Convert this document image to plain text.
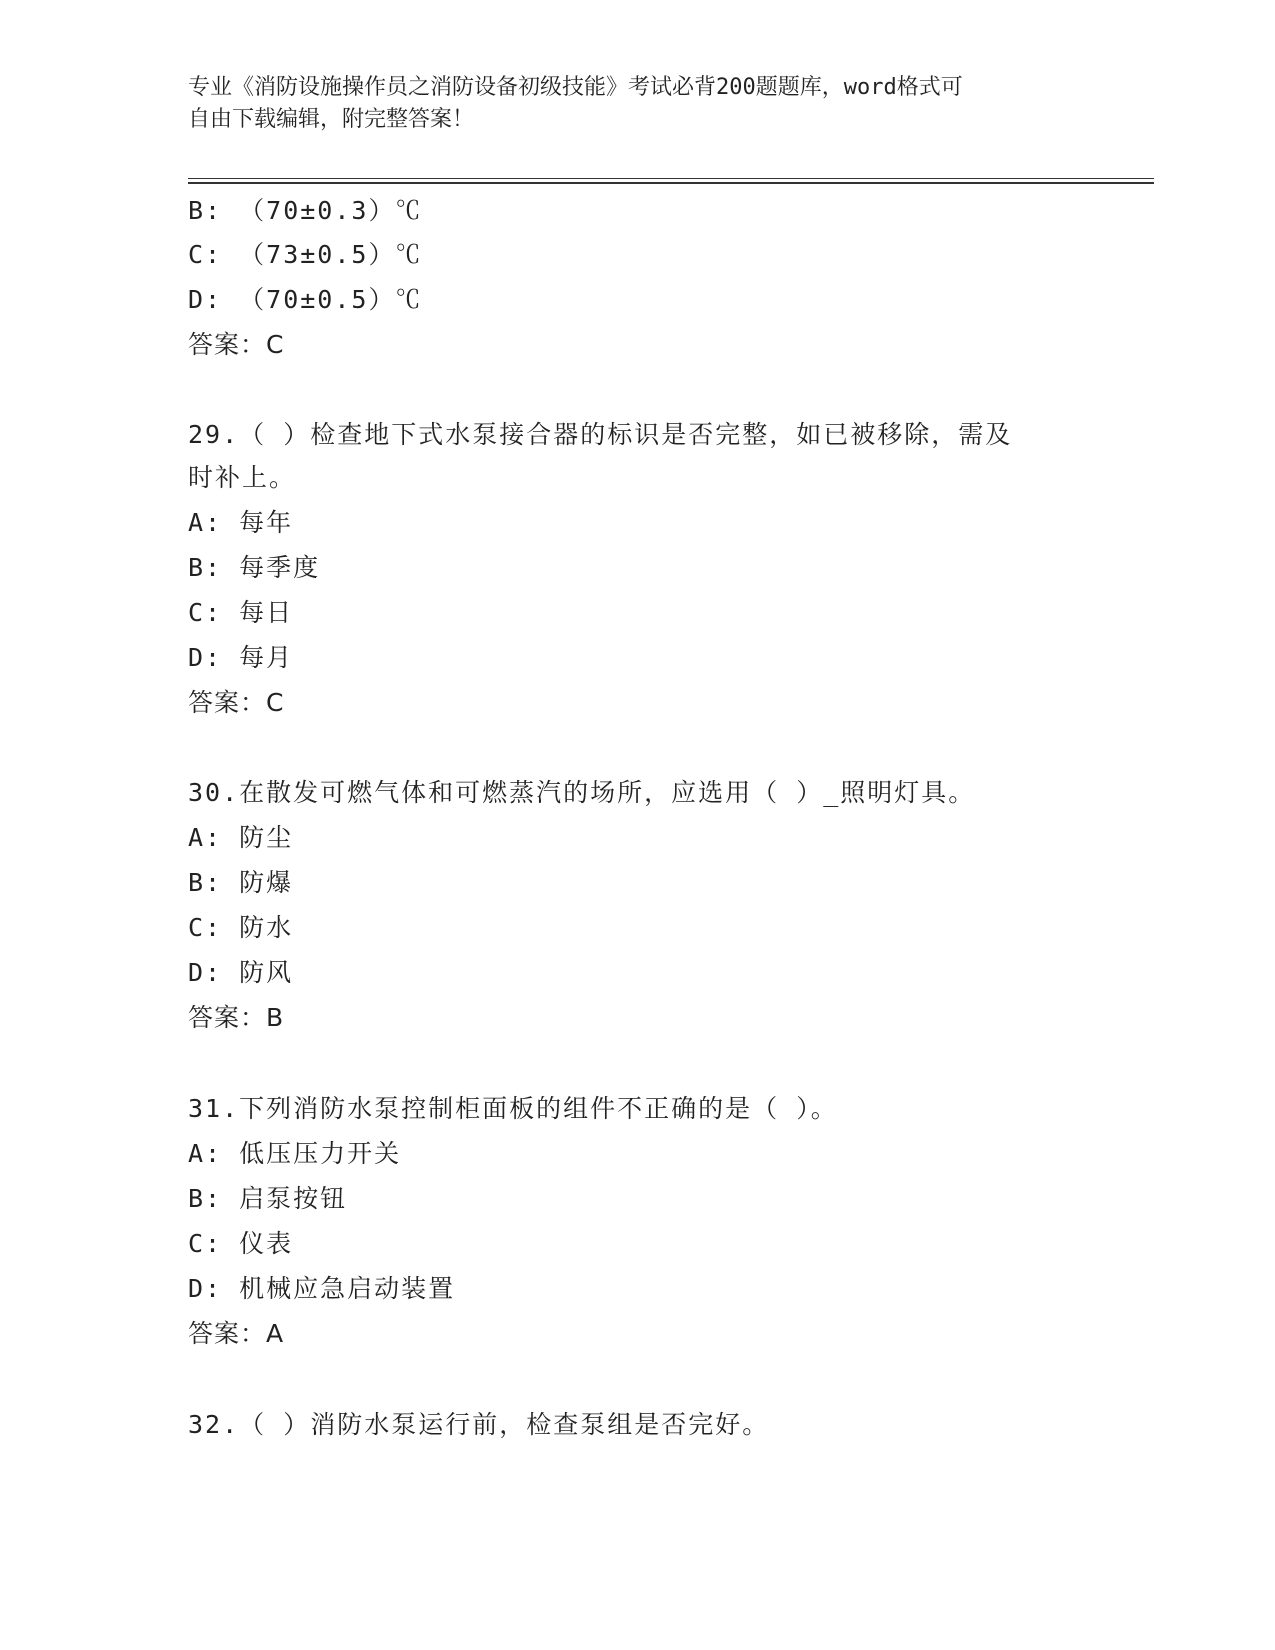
专业《消防设施操作员之消防设备初级技能》考试必背200题题库，word格式可
自由下载编辑，附完整答案！
B: （70±0.3）℃
C: （73±0.5）℃
D: （70±0.5）℃
答案：C
29.（ ）检查地下式水泵接合器的标识是否完整，如已被移除，需及
时补上。
A: 每年
B: 每季度
C: 每日
D: 每月
答案：C
30.在散发可燃气体和可燃蒸汽的场所，应选用（ ）_照明灯具。
A: 防尘
B: 防爆
C: 防水
D: 防风
答案：B
31.下列消防水泵控制柜面板的组件不正确的是（ ）。
A: 低压压力开关
B: 启泵按钮
C: 仪表
D: 机械应急启动装置
答案：A
32.（ ）消防水泵运行前，检查泵组是否完好。
